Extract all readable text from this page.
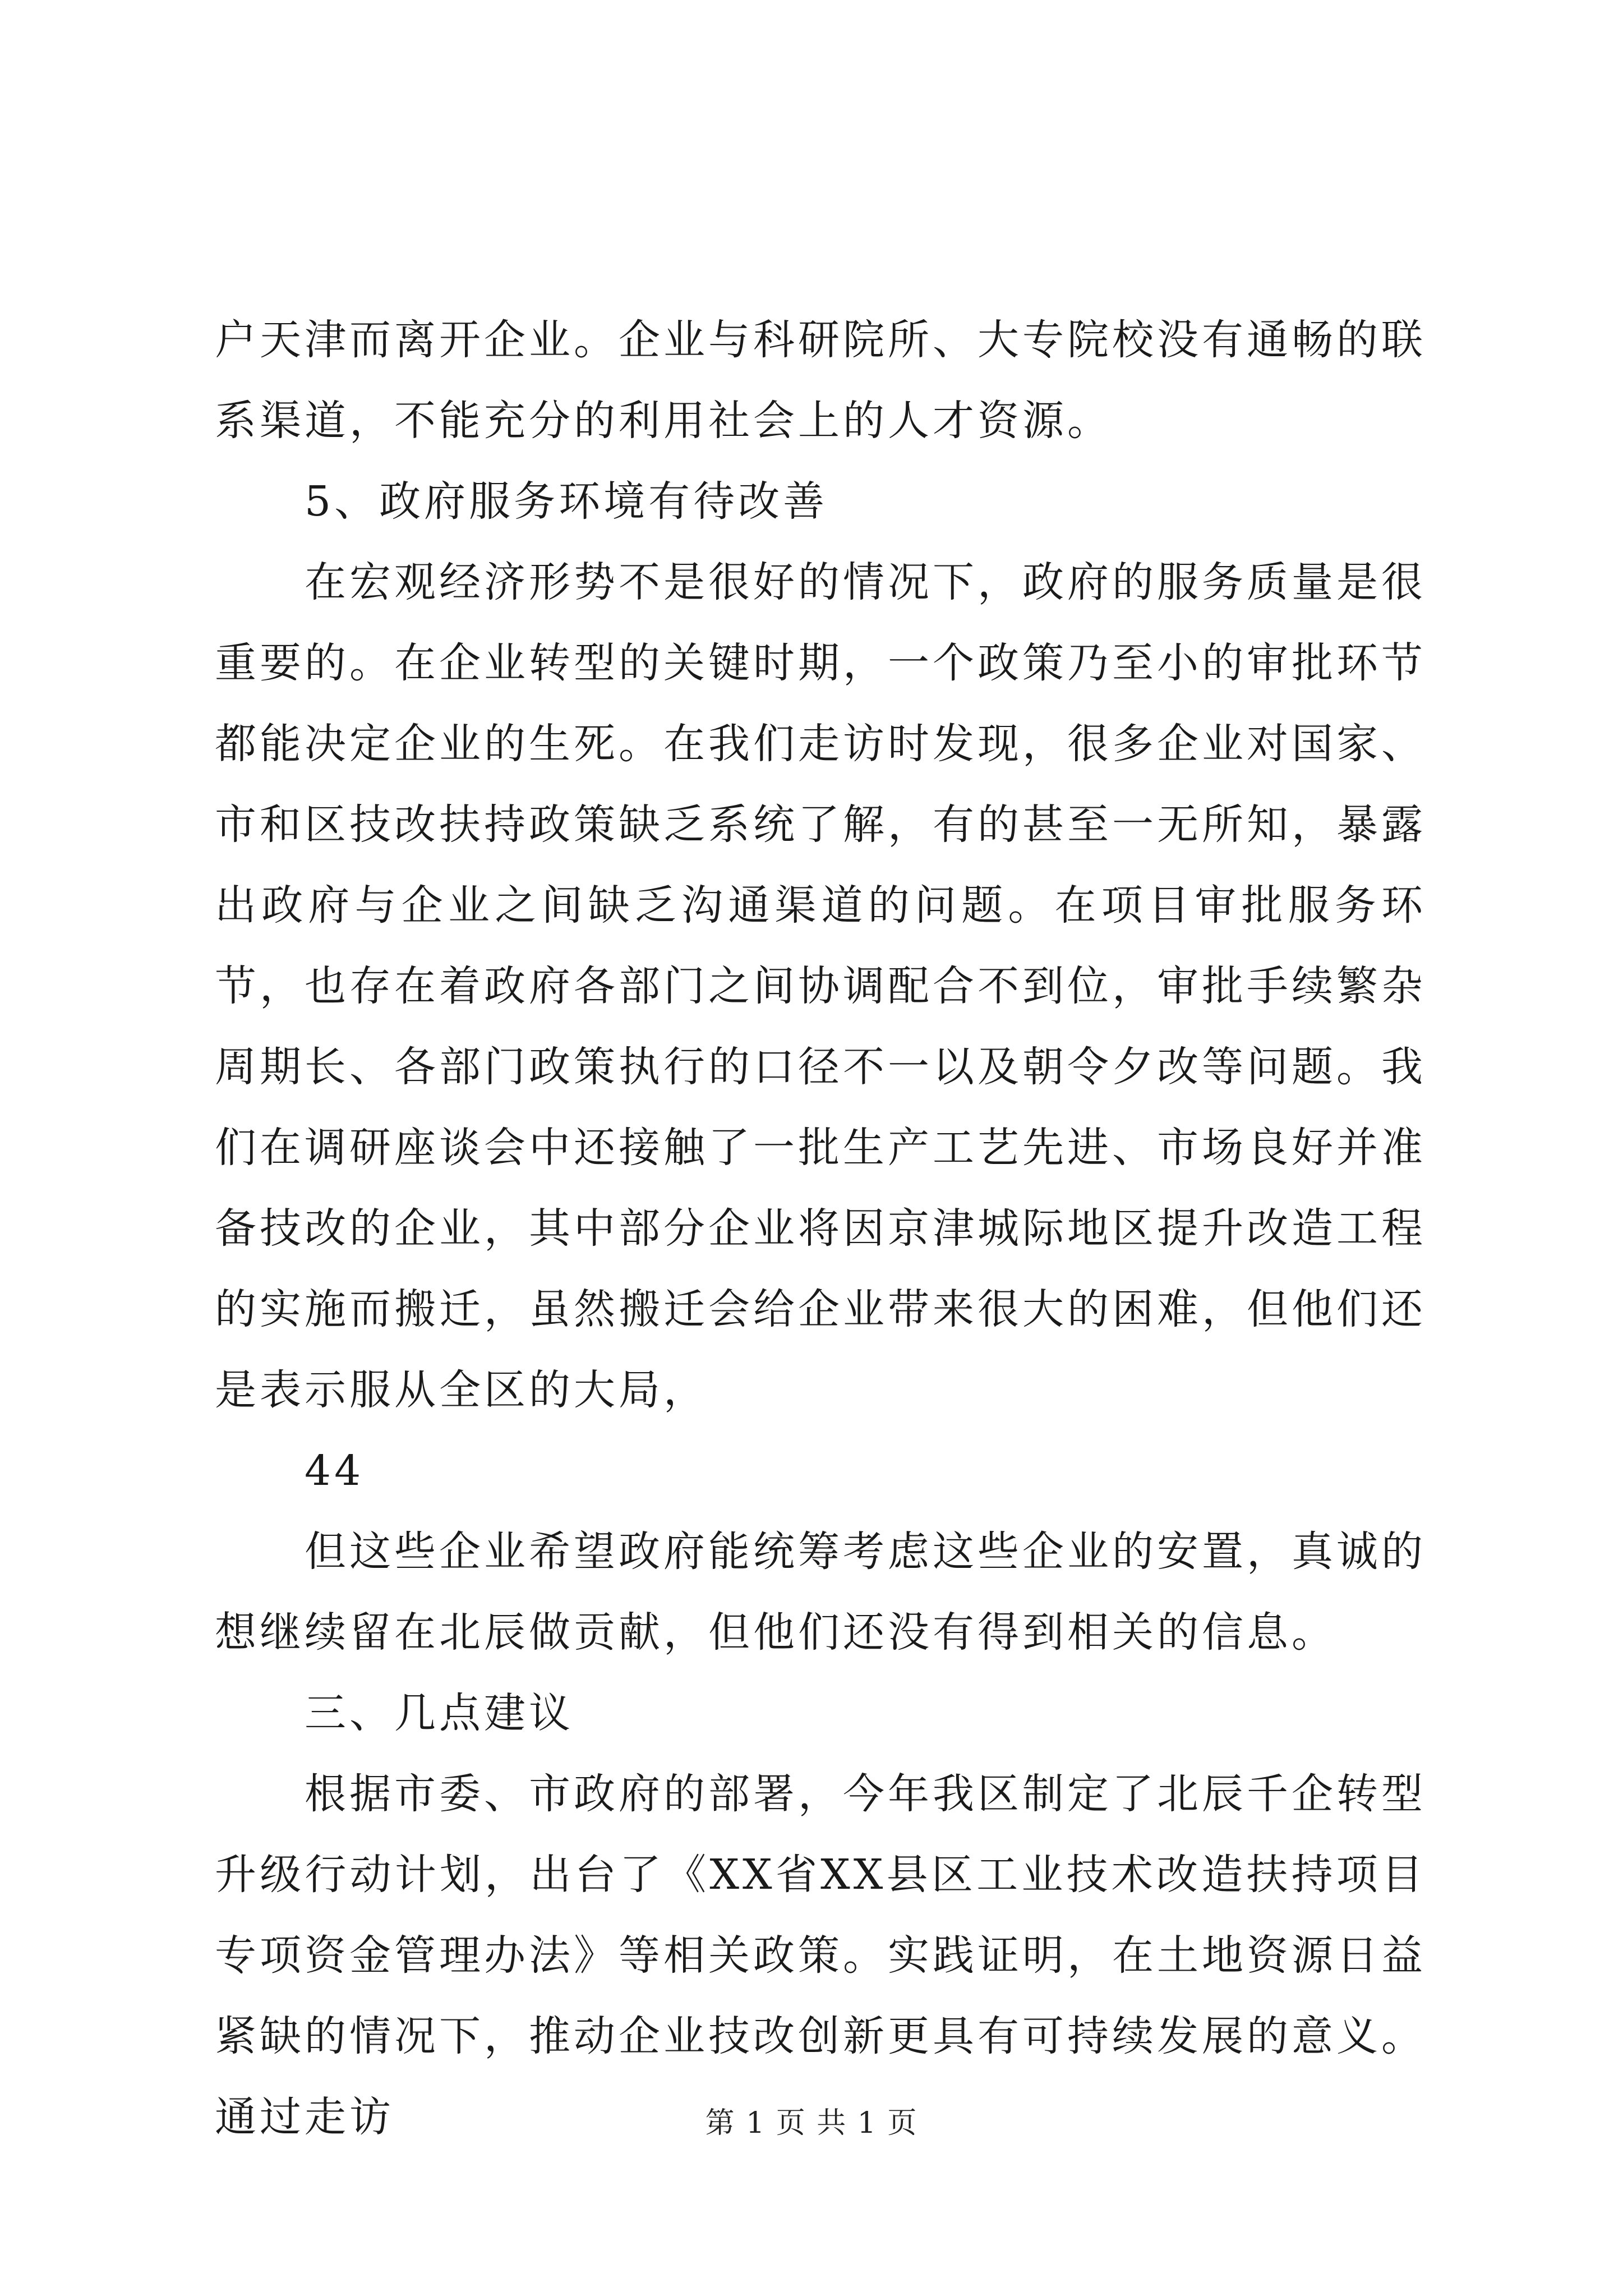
户天津而离开企业。企业与科研院所、大专院校没有通畅的联系渠道，不能充分的利用社会上的人才资源。

5、政府服务环境有待改善

在宏观经济形势不是很好的情况下，政府的服务质量是很重要的。在企业转型的关键时期，一个政策乃至小的审批环节都能决定企业的生死。在我们走访时发现，很多企业对国家、市和区技改扶持政策缺乏系统了解，有的甚至一无所知，暴露出政府与企业之间缺乏沟通渠道的问题。在项目审批服务环节，也存在着政府各部门之间协调配合不到位，审批手续繁杂周期长、各部门政策执行的口径不一以及朝令夕改等问题。我们在调研座谈会中还接触了一批生产工艺先进、市场良好并准备技改的企业，其中部分企业将因京津城际地区提升改造工程的实施而搬迁，虽然搬迁会给企业带来很大的困难，但他们还是表示服从全区的大局，

44

但这些企业希望政府能统筹考虑这些企业的安置，真诚的想继续留在北辰做贡献，但他们还没有得到相关的信息。

三、几点建议

根据市委、市政府的部署，今年我区制定了北辰千企转型升级行动计划，出台了《XX省XX县区工业技术改造扶持项目专项资金管理办法》等相关政策。实践证明，在土地资源日益紧缺的情况下，推动企业技改创新更具有可持续发展的意义。通过走访	第 1 页 共 1 页
